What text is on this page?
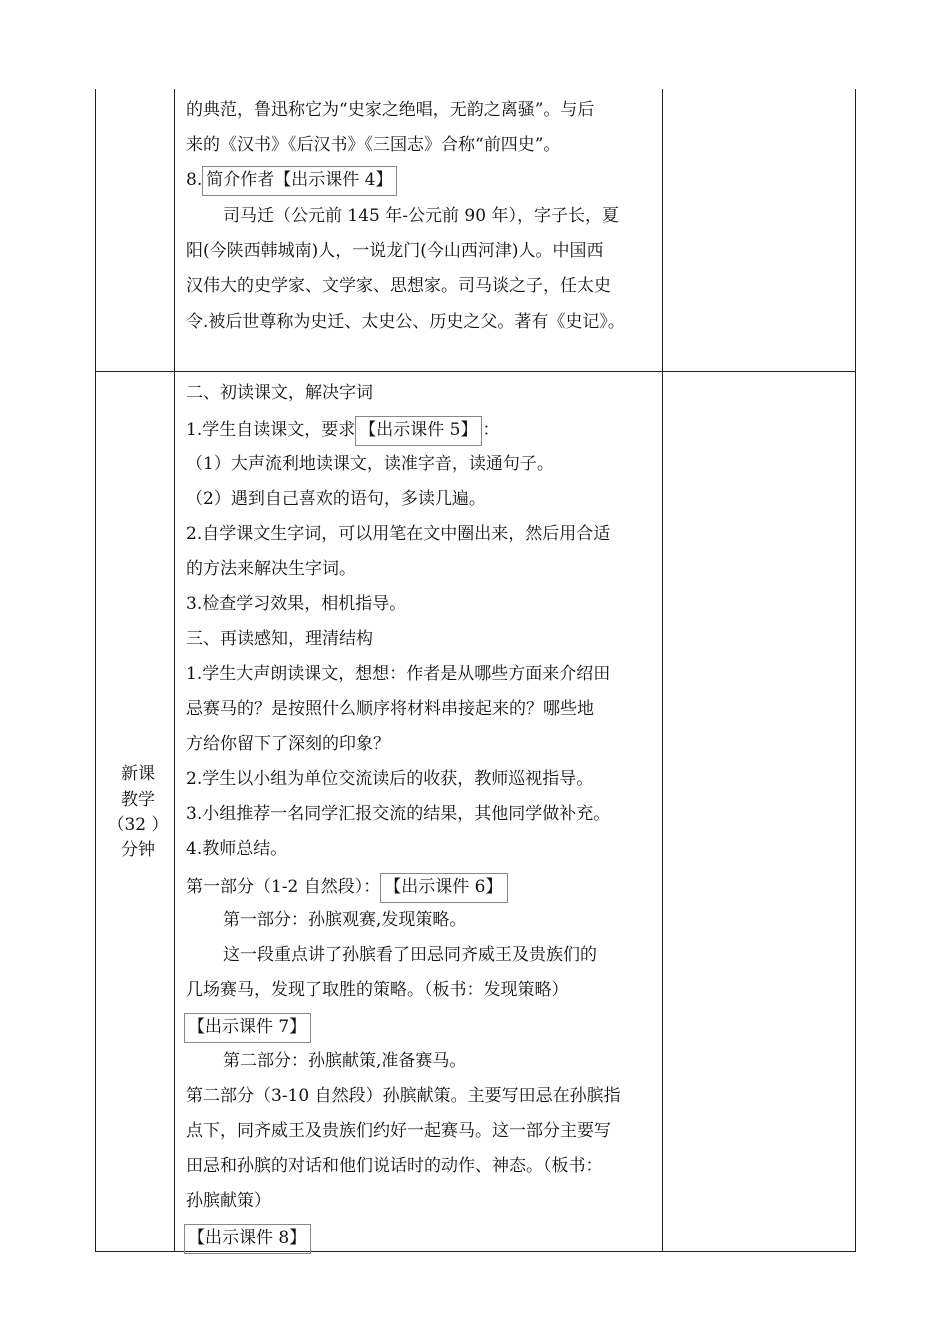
的典范，鲁迅称它为“史家之绝唱，无韵之离骚”。与后
来的《汉书》《后汉书》《三国志》合称“前四史”。
8. 简介作者【出示课件 4】
司马迁（公元前 145 年-公元前 90 年），字子长，夏
阳(今陕西韩城南)人，一说龙门(今山西河津)人。中国西
汉伟大的史学家、文学家、思想家。司马谈之子，任太史
令.被后世尊称为史迁、太史公、历史之父。著有《史记》。
新课
教学
（32 ）
分钟
二、初读课文，解决字词
1.学生自读课文，要求 【出示课件 5】 ：
（1）大声流利地读课文，读准字音，读通句子。
（2）遇到自己喜欢的语句，多读几遍。
2.自学课文生字词，可以用笔在文中圈出来，然后用合适
的方法来解决生字词。
3.检查学习效果，相机指导。
三、再读感知，理清结构
1.学生大声朗读课文，想想：作者是从哪些方面来介绍田
忌赛马的？是按照什么顺序将材料串接起来的？哪些地
方给你留下了深刻的印象？
2.学生以小组为单位交流读后的收获，教师巡视指导。
3.小组推荐一名同学汇报交流的结果，其他同学做补充。
4.教师总结。
第一部分（1-2 自然段）： 【出示课件 6】
第一部分：孙膑观赛,发现策略。
这一段重点讲了孙膑看了田忌同齐威王及贵族们的
几场赛马，发现了取胜的策略。（板书：发现策略）
【出示课件 7】
第二部分：孙膑献策,准备赛马。
第二部分（3-10 自然段）孙膑献策。主要写田忌在孙膑指
点下，同齐威王及贵族们约好一起赛马。这一部分主要写
田忌和孙膑的对话和他们说话时的动作、神态。（板书：
孙膑献策）
【出示课件 8】
